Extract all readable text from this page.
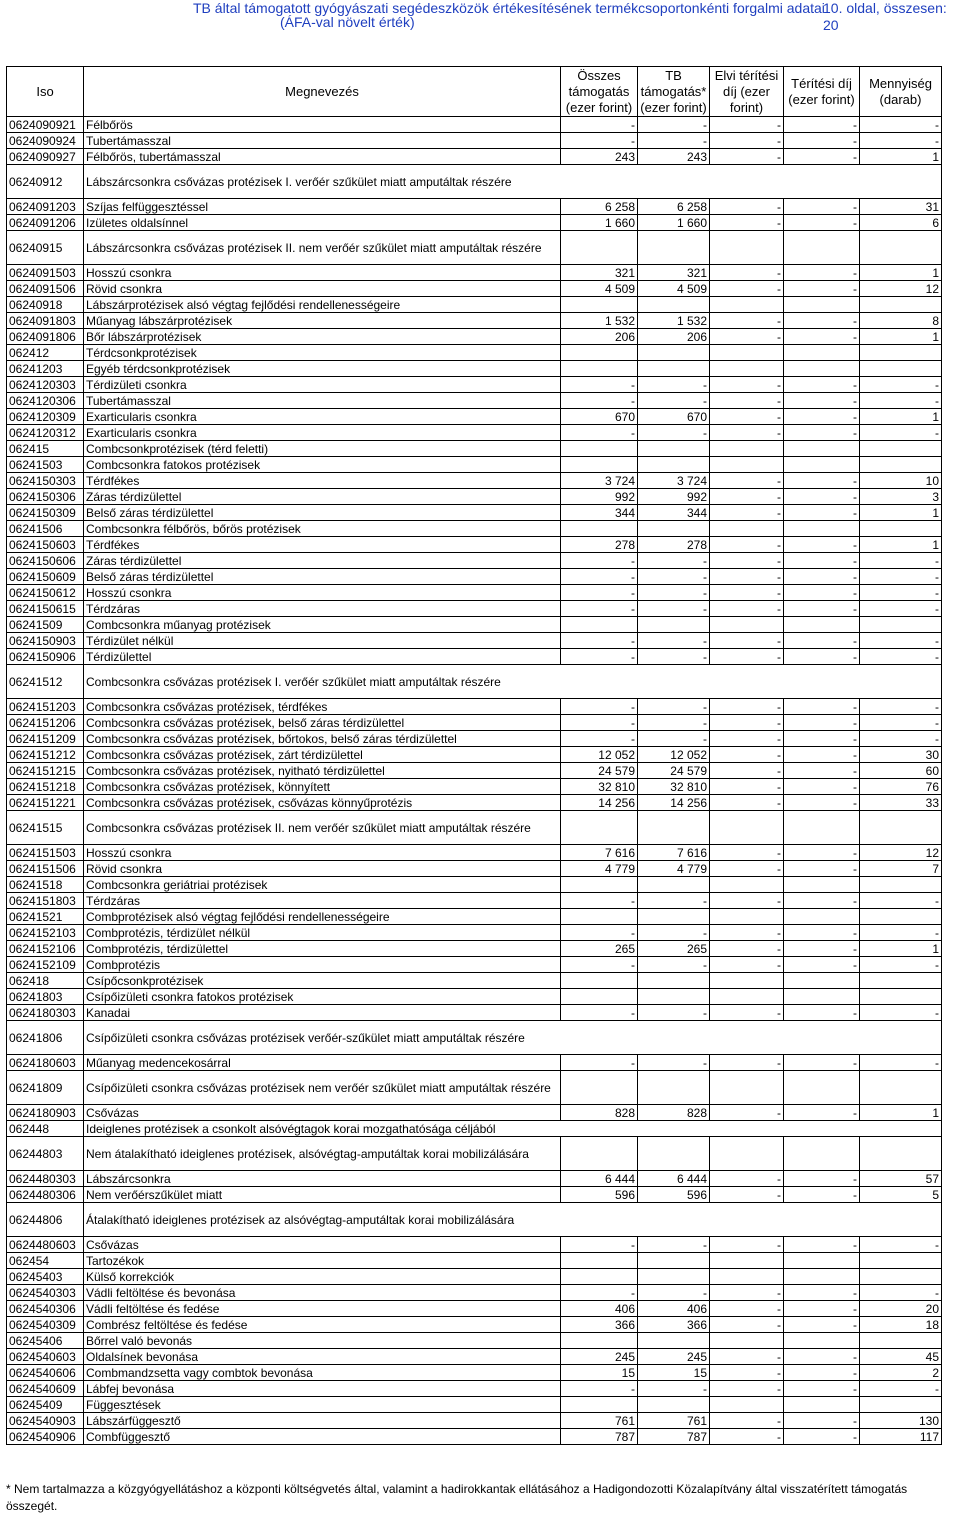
TB által támogatott gyógyászati segédeszközök értékesítésének termékcsoportonkénti forgalmi adatai
10. oldal, összesen: 20
(ÁFA-val növelt érték)
Iso	Megnevezés	Összes támogatás (ezer forint)	TB támogatás* (ezer forint)	Elvi térítési díj (ezer forint)	Térítési díj (ezer forint)	Mennyiség (darab)
0624090921	Félbőrös	-	-	-	-	-
0624090924	Tubertámasszal	-	-	-	-	-
0624090927	Félbőrös, tubertámasszal	243	243	-	-	1
06240912	Lábszárcsonkra csővázas protézisek I. verőér szűkület miatt amputáltak részére					
0624091203	Szíjas felfüggesztéssel	6 258	6 258	-	-	31
0624091206	Izületes oldalsínnel	1 660	1 660	-	-	6
06240915	Lábszárcsonkra csővázas protézisek II. nem verőér szűkület miatt amputáltak részére					
0624091503	Hosszú csonkra	321	321	-	-	1
0624091506	Rövid csonkra	4 509	4 509	-	-	12
06240918	Lábszárprotézisek alsó végtag fejlődési rendellenességeire					
0624091803	Műanyag lábszárprotézisek	1 532	1 532	-	-	8
0624091806	Bőr lábszárprotézisek	206	206	-	-	1
062412	Térdcsonkprotézisek					
06241203	Egyéb térdcsonkprotézisek					
0624120303	Térdizületi csonkra	-	-	-	-	-
0624120306	Tubertámasszal	-	-	-	-	-
0624120309	Exarticularis csonkra	670	670	-	-	1
0624120312	Exarticularis csonkra	-	-	-	-	-
062415	Combcsonkprotézisek (térd feletti)					
06241503	Combcsonkra fatokos protézisek					
0624150303	Térdfékes	3 724	3 724	-	-	10
0624150306	Záras térdizülettel	992	992	-	-	3
0624150309	Belső záras térdizülettel	344	344	-	-	1
06241506	Combcsonkra félbőrös, bőrös protézisek					
0624150603	Térdfékes	278	278	-	-	1
0624150606	Záras térdizülettel	-	-	-	-	-
0624150609	Belső záras térdizülettel	-	-	-	-	-
0624150612	Hosszú csonkra	-	-	-	-	-
0624150615	Térdzáras	-	-	-	-	-
06241509	Combcsonkra műanyag protézisek					
0624150903	Térdizület nélkül	-	-	-	-	-
0624150906	Térdizülettel	-	-	-	-	-
06241512	Combcsonkra csővázas protézisek I. verőér szűkület miatt amputáltak részére					
0624151203	Combcsonkra csővázas protézisek, térdfékes	-	-	-	-	-
0624151206	Combcsonkra csővázas protézisek, belső záras térdizülettel	-	-	-	-	-
0624151209	Combcsonkra csővázas protézisek, bőrtokos, belső záras térdizülettel	-	-	-	-	-
0624151212	Combcsonkra csővázas protézisek, zárt térdizülettel	12 052	12 052	-	-	30
0624151215	Combcsonkra csővázas protézisek, nyitható térdizülettel	24 579	24 579	-	-	60
0624151218	Combcsonkra csővázas protézisek, könnyített	32 810	32 810	-	-	76
0624151221	Combcsonkra csővázas protézisek, csővázas könnyűprotézis	14 256	14 256	-	-	33
06241515	Combcsonkra csővázas protézisek II. nem verőér szűkület miatt amputáltak részére					
0624151503	Hosszú csonkra	7 616	7 616	-	-	12
0624151506	Rövid csonkra	4 779	4 779	-	-	7
06241518	Combcsonkra geriátriai protézisek					
0624151803	Térdzáras	-	-	-	-	-
06241521	Combprotézisek alsó végtag fejlődési rendellenességeire					
0624152103	Combprotézis, térdizület nélkül	-	-	-	-	-
0624152106	Combprotézis, térdizülettel	265	265	-	-	1
0624152109	Combprotézis	-	-	-	-	-
062418	Csípőcsonkprotézisek					
06241803	Csípőizületi csonkra fatokos protézisek					
0624180303	Kanadai	-	-	-	-	-
06241806	Csípőizületi csonkra csővázas protézisek verőér-szűkület miatt amputáltak részére					
0624180603	Műanyag medencekosárral	-	-	-	-	-
06241809	Csípőizületi csonkra csővázas protézisek nem verőér szűkület miatt amputáltak részére					
0624180903	Csővázas	828	828	-	-	1
062448	Ideiglenes protézisek a csonkolt alsóvégtagok korai mozgathatósága céljából					
06244803	Nem átalakítható ideiglenes protézisek, alsóvégtag-amputáltak korai mobilizálására					
0624480303	Lábszárcsonkra	6 444	6 444	-	-	57
0624480306	Nem verőérszűkület miatt	596	596	-	-	5
06244806	Átalakítható ideiglenes protézisek az alsóvégtag-amputáltak korai mobilizálására					
0624480603	Csővázas	-	-	-	-	-
062454	Tartozékok					
06245403	Külső korrekciók					
0624540303	Vádli feltöltése és bevonása	-	-	-	-	-
0624540306	Vádli feltöltése és fedése	406	406	-	-	20
0624540309	Combrész feltöltése és fedése	366	366	-	-	18
06245406	Bőrrel való bevonás					
0624540603	Oldalsínek bevonása	245	245	-	-	45
0624540606	Combmandzsetta vagy combtok bevonása	15	15	-	-	2
0624540609	Lábfej bevonása	-	-	-	-	-
06245409	Függesztések					
0624540903	Lábszárfüggesztő	761	761	-	-	130
0624540906	Combfüggesztő	787	787	-	-	117
* Nem tartalmazza a közgyógyellátáshoz a központi költségvetés által, valamint a hadirokkantak ellátásához a Hadigondozotti Közalapítvány által visszatérített támogatás összegét.
